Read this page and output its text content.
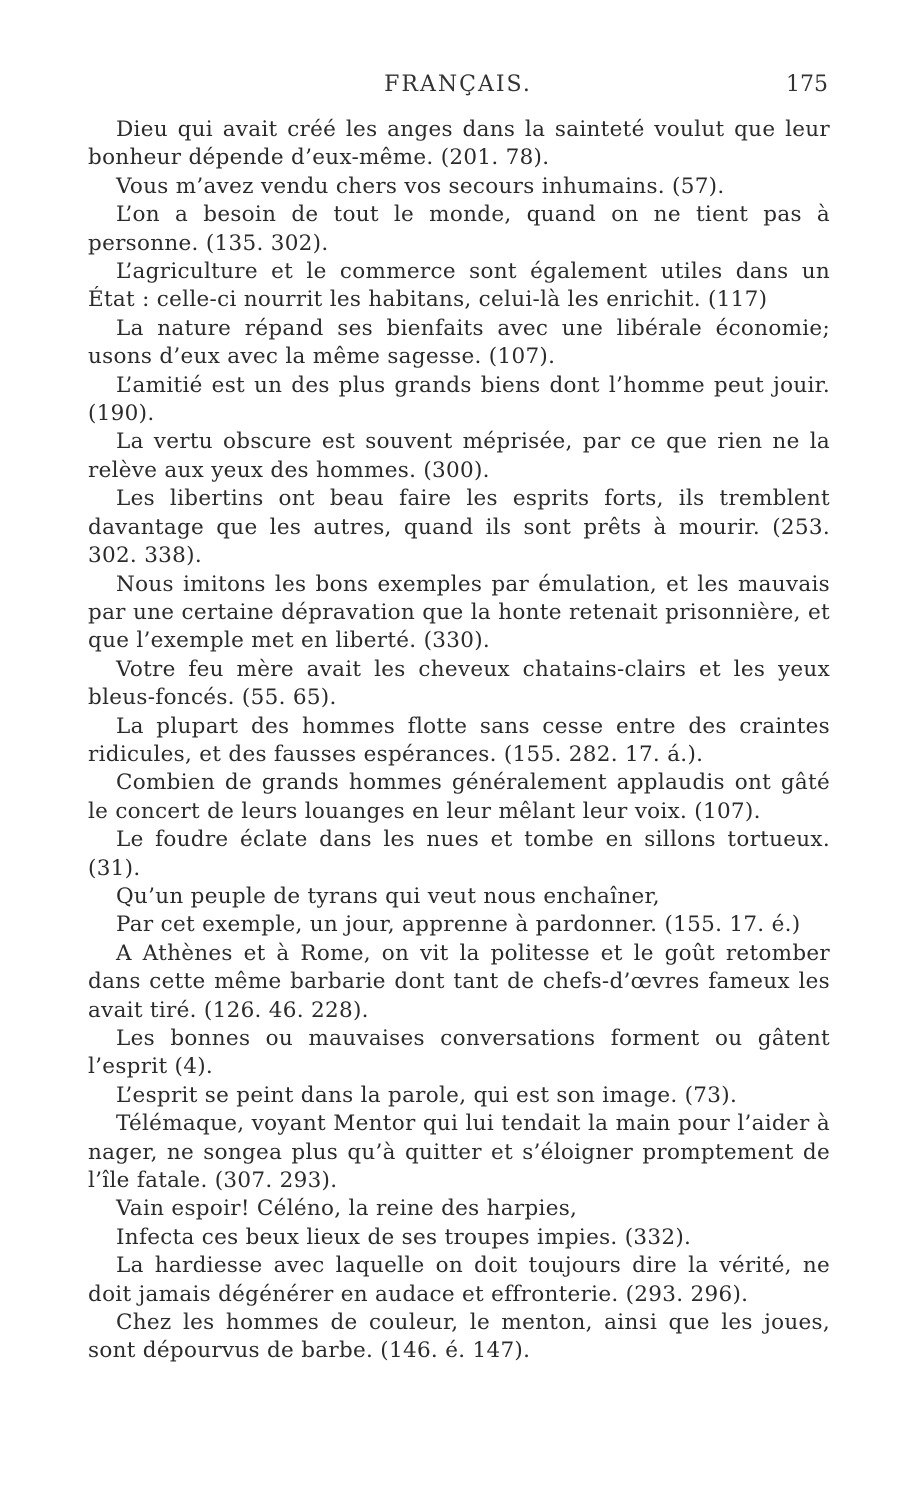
FRANÇAIS.	175

Dieu qui avait créé les anges dans la sainteté voulut que leur bonheur dépende d’eux-même. (201. 78).

Vous m’avez vendu chers vos secours inhumains. (57).

L’on a besoin de tout le monde, quand on ne tient pas à personne. (135. 302).

L’agriculture et le commerce sont également utiles dans un État : celle-ci nourrit les habitans, celui-là les enrichit. (117)

La nature répand ses bienfaits avec une libérale économie; usons d’eux avec la même sagesse. (107).

L’amitié est un des plus grands biens dont l’homme peut jouir. (190).

La vertu obscure est souvent méprisée, par ce que rien ne la relève aux yeux des hommes. (300).

Les libertins ont beau faire les esprits forts, ils tremblent davantage que les autres, quand ils sont prêts à mourir. (253. 302. 338).

Nous imitons les bons exemples par émulation, et les mauvais par une certaine dépravation que la honte retenait prisonnière, et que l’exemple met en liberté. (330).

Votre feu mère avait les cheveux chatains-clairs et les yeux bleus-foncés. (55. 65).

La plupart des hommes flotte sans cesse entre des craintes ridicules, et des fausses espérances. (155. 282. 17. á.).

Combien de grands hommes généralement applaudis ont gâté le concert de leurs louanges en leur mêlant leur voix. (107).

Le foudre éclate dans les nues et tombe en sillons tortueux. (31).

Qu’un peuple de tyrans qui veut nous enchaîner,

Par cet exemple, un jour, apprenne à pardonner. (155. 17. é.)

A Athènes et à Rome, on vit la politesse et le goût retomber dans cette même barbarie dont tant de chefs-d’œvres fameux les avait tiré. (126. 46. 228).

Les bonnes ou mauvaises conversations forment ou gâtent l’esprit (4).

L’esprit se peint dans la parole, qui est son image. (73).

Télémaque, voyant Mentor qui lui tendait la main pour l’aider à nager, ne songea plus qu’à quitter et s’éloigner promptement de l’île fatale. (307. 293).

Vain espoir! Céléno, la reine des harpies,

Infecta ces beux lieux de ses troupes impies. (332).

La hardiesse avec laquelle on doit toujours dire la vérité, ne doit jamais dégénérer en audace et effronterie. (293. 296).

Chez les hommes de couleur, le menton, ainsi que les joues, sont dépourvus de barbe. (146. é. 147).
